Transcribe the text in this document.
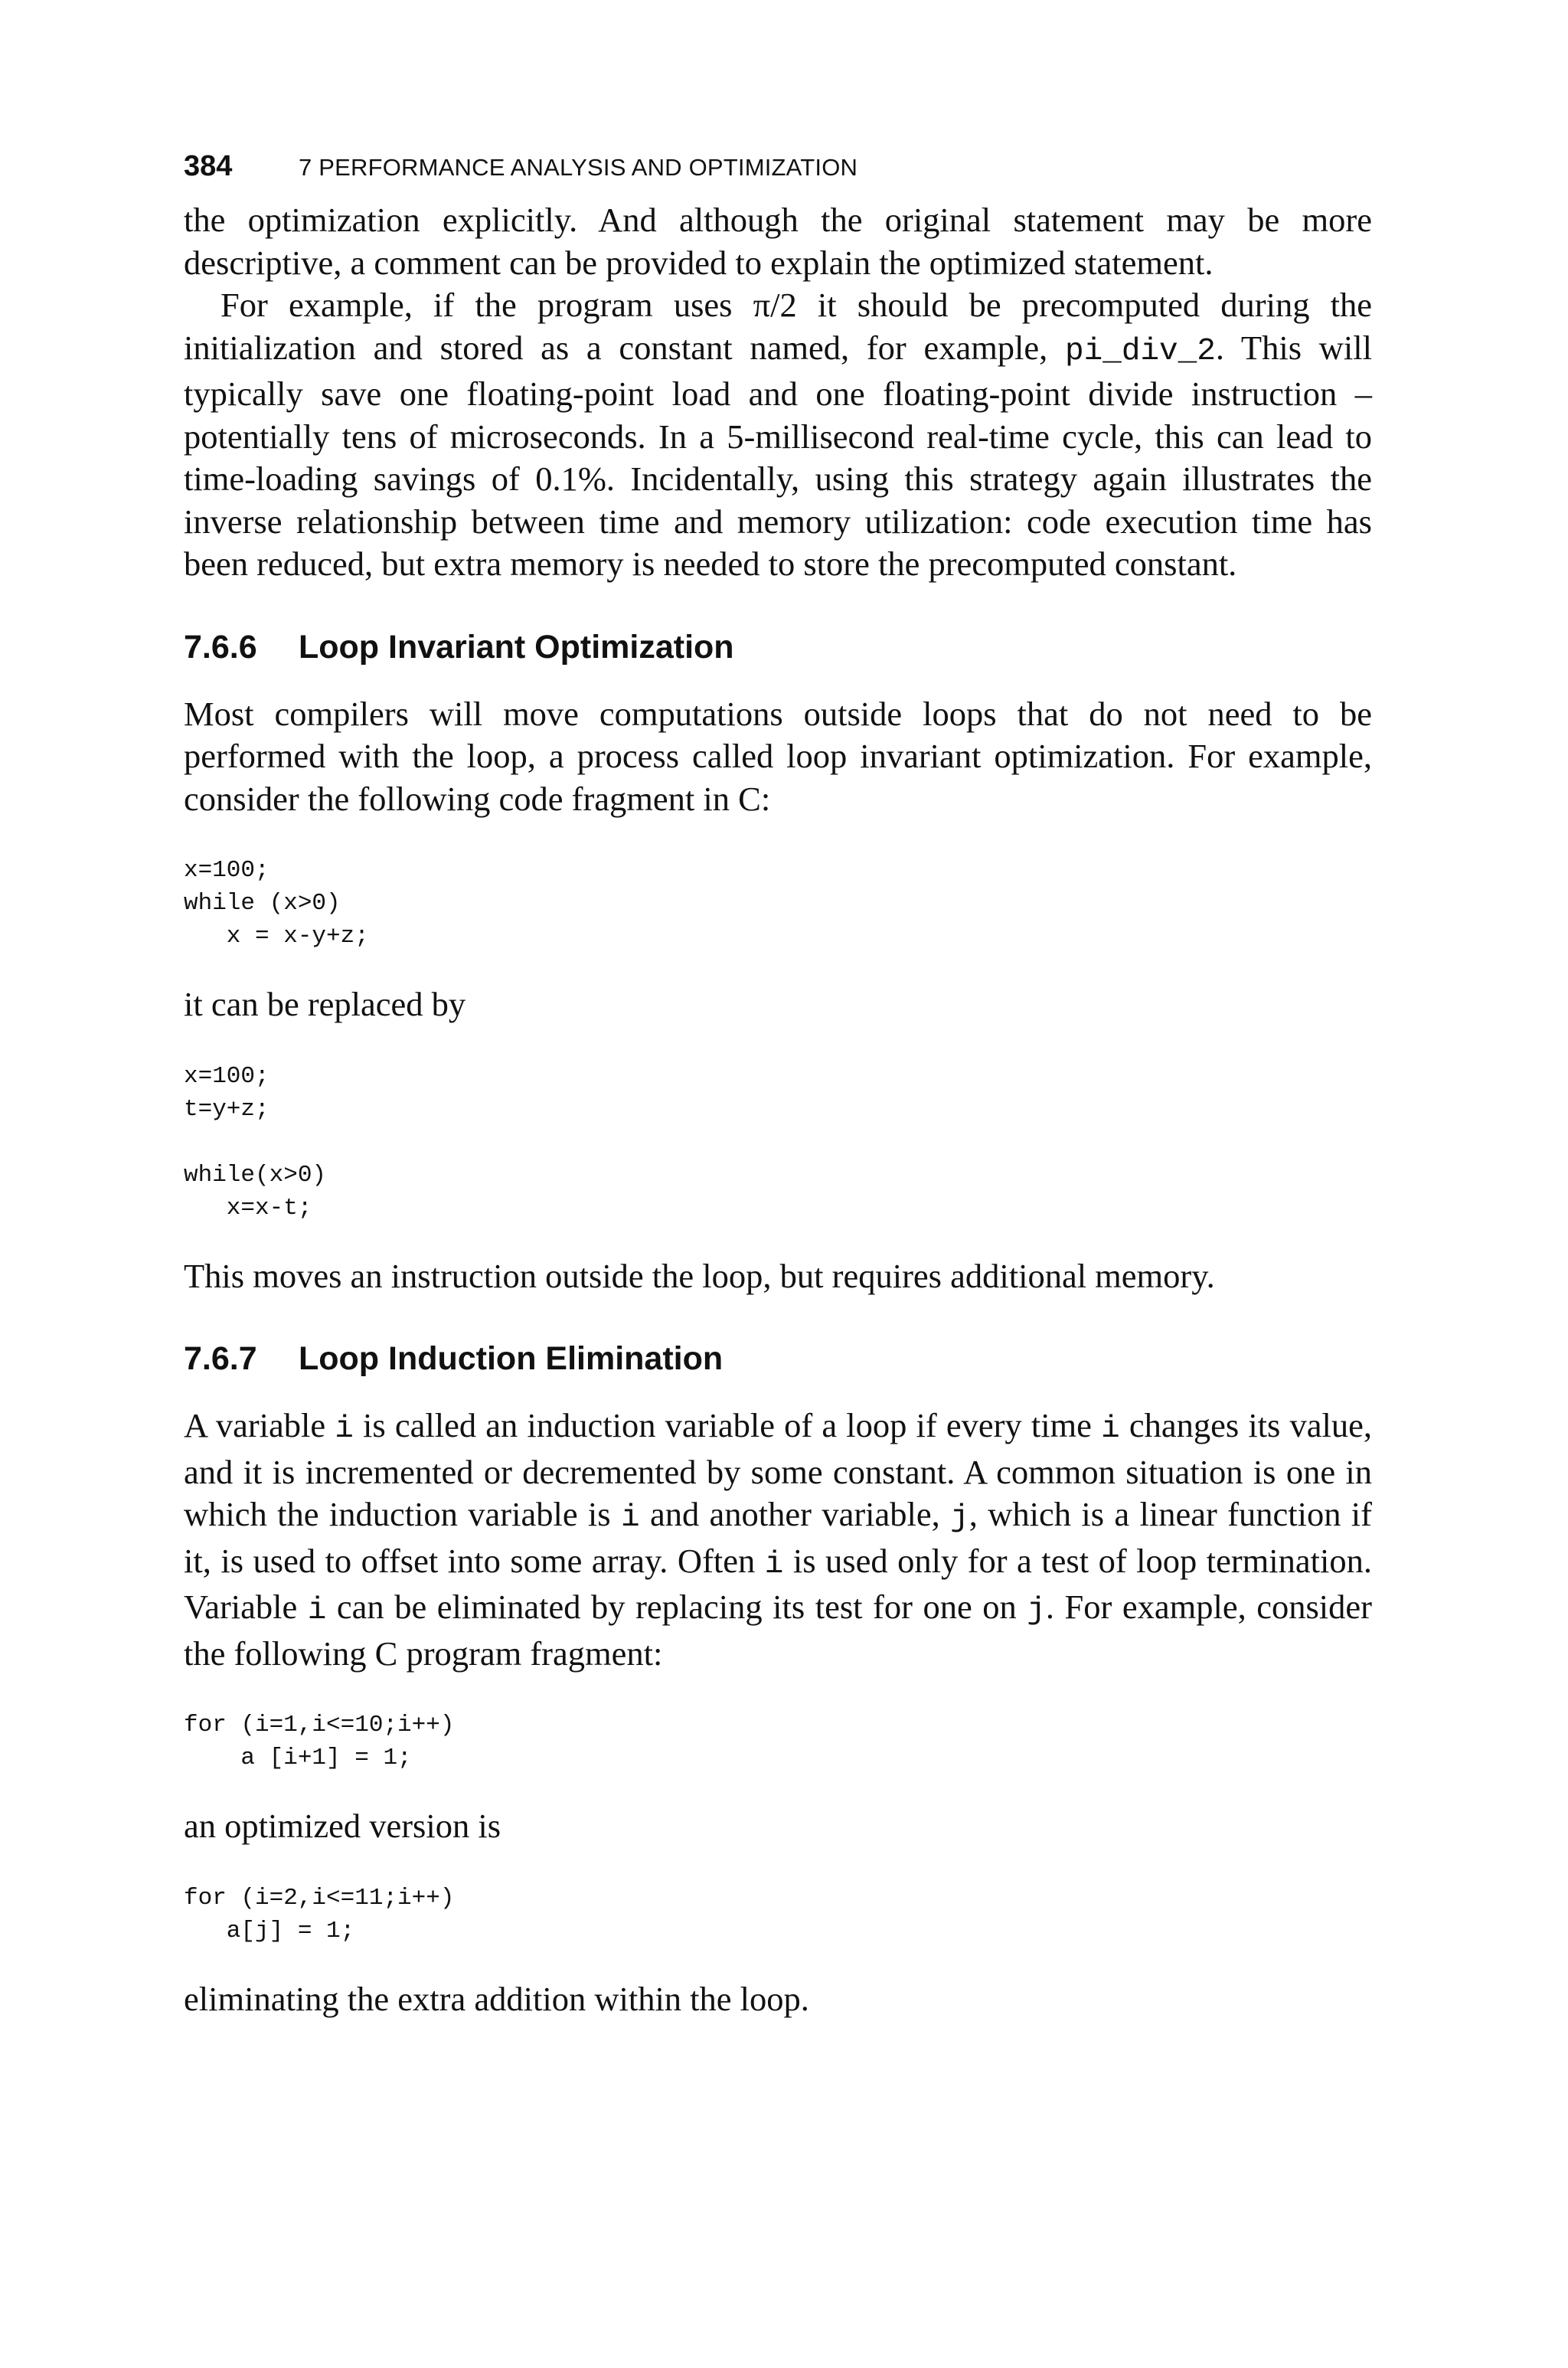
384	7 PERFORMANCE ANALYSIS AND OPTIMIZATION

the optimization explicitly. And although the original statement may be more descriptive, a comment can be provided to explain the optimized statement.

For example, if the program uses π/2 it should be precomputed during the initialization and stored as a constant named, for example, pi_div_2. This will typically save one floating-point load and one floating-point divide instruction – potentially tens of microseconds. In a 5-millisecond real-time cycle, this can lead to time-loading savings of 0.1%. Incidentally, using this strategy again illustrates the inverse relationship between time and memory utilization: code execution time has been reduced, but extra memory is needed to store the precomputed constant.

7.6.6 Loop Invariant Optimization

Most compilers will move computations outside loops that do not need to be performed with the loop, a process called loop invariant optimization. For example, consider the following code fragment in C:

x=100;
while (x>0)
x = x-y+z;

it can be replaced by

x=100;
t=y+z;

while(x>0)
x=x-t;

This moves an instruction outside the loop, but requires additional memory.

7.6.7 Loop Induction Elimination

A variable i is called an induction variable of a loop if every time i changes its value, and it is incremented or decremented by some constant. A common situation is one in which the induction variable is i and another variable, j, which is a linear function if it, is used to offset into some array. Often i is used only for a test of loop termination. Variable i can be eliminated by replacing its test for one on j. For example, consider the following C program fragment:

for (i=1,i<=10;i++)
a [i+1] = 1;

an optimized version is

for (i=2,i<=11;i++)
a[j] = 1;

eliminating the extra addition within the loop.
